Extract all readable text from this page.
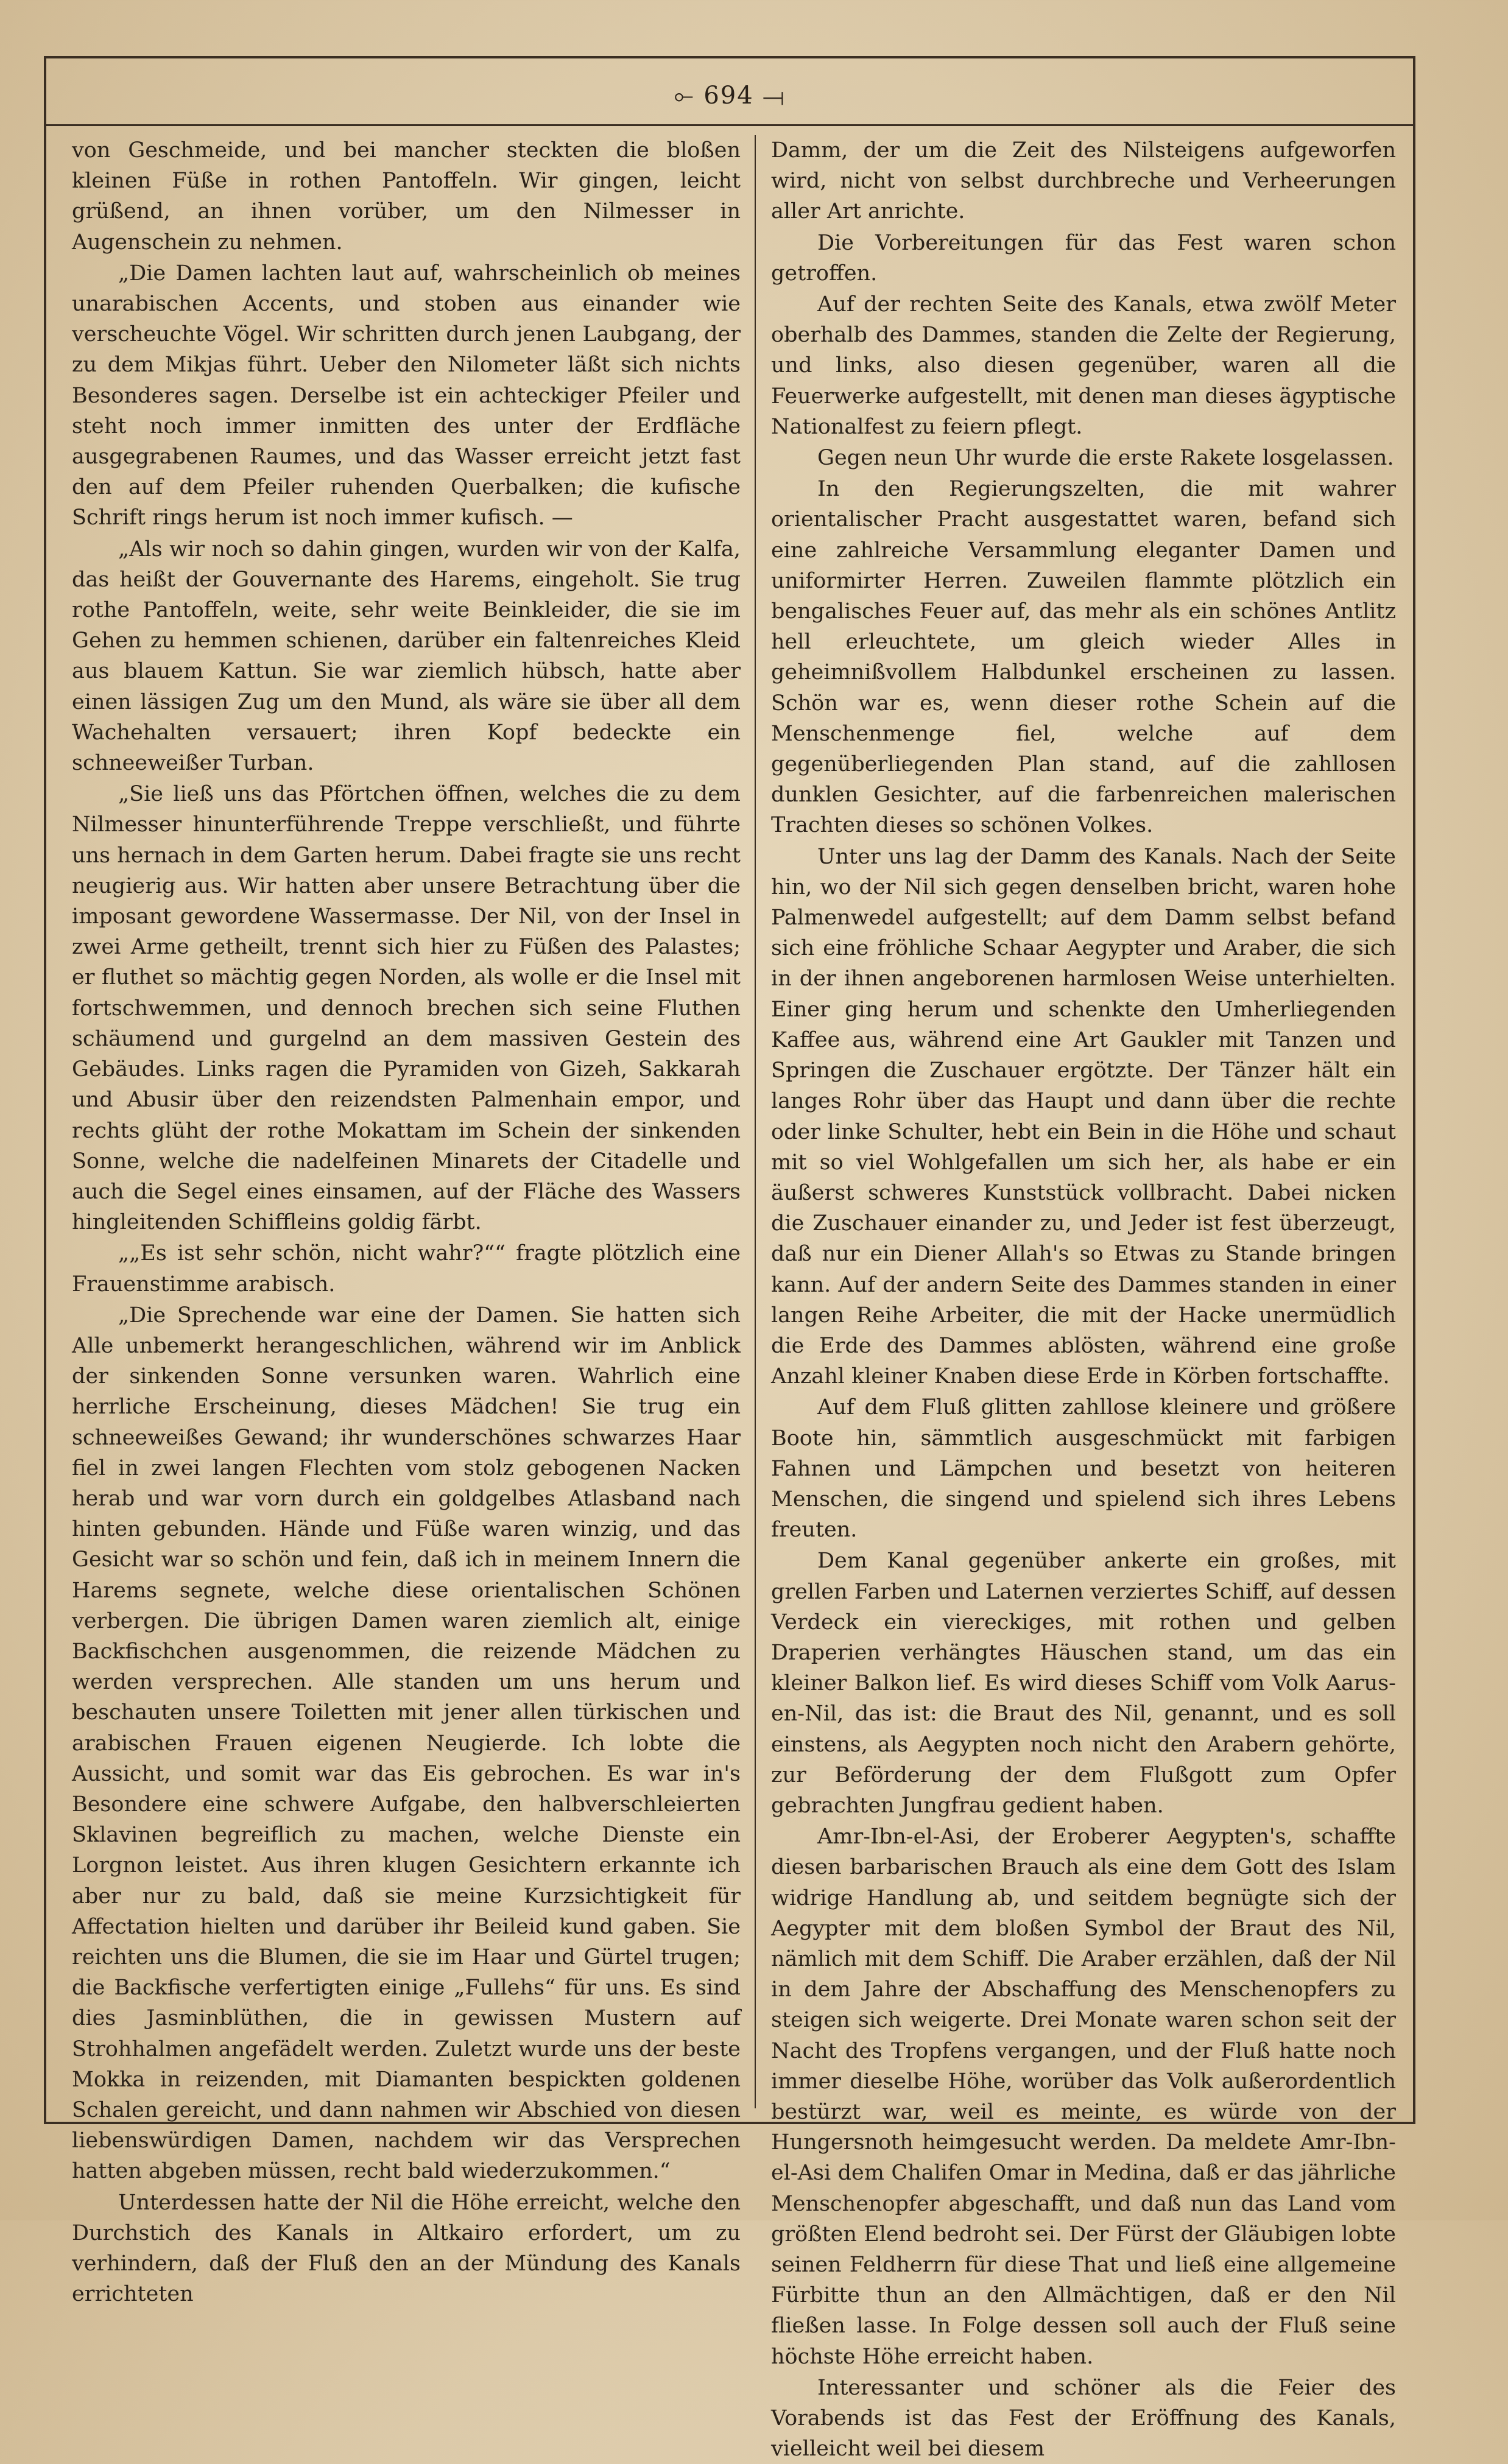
⟜ 694 ⟞

von Geschmeide, und bei mancher steckten die bloßen kleinen Füße in rothen Pantoffeln. Wir gingen, leicht grüßend, an ihnen vorüber, um den Nilmesser in Augenschein zu nehmen.

„Die Damen lachten laut auf, wahrscheinlich ob meines unarabischen Accents, und stoben aus einander wie verscheuchte Vögel. Wir schritten durch jenen Laubgang, der zu dem Mikjas führt. Ueber den Nilometer läßt sich nichts Besonderes sagen. Derselbe ist ein achteckiger Pfeiler und steht noch immer inmitten des unter der Erdfläche ausgegrabenen Raumes, und das Wasser erreicht jetzt fast den auf dem Pfeiler ruhenden Querbalken; die kufische Schrift rings herum ist noch immer kufisch. —

„Als wir noch so dahin gingen, wurden wir von der Kalfa, das heißt der Gouvernante des Harems, eingeholt. Sie trug rothe Pantoffeln, weite, sehr weite Beinkleider, die sie im Gehen zu hemmen schienen, darüber ein faltenreiches Kleid aus blauem Kattun. Sie war ziemlich hübsch, hatte aber einen lässigen Zug um den Mund, als wäre sie über all dem Wachehalten versauert; ihren Kopf bedeckte ein schneeweißer Turban.

„Sie ließ uns das Pförtchen öffnen, welches die zu dem Nilmesser hinunterführende Treppe verschließt, und führte uns hernach in dem Garten herum. Dabei fragte sie uns recht neugierig aus. Wir hatten aber unsere Betrachtung über die imposant gewordene Wassermasse. Der Nil, von der Insel in zwei Arme getheilt, trennt sich hier zu Füßen des Palastes; er fluthet so mächtig gegen Norden, als wolle er die Insel mit fortschwemmen, und dennoch brechen sich seine Fluthen schäumend und gurgelnd an dem massiven Gestein des Gebäudes. Links ragen die Pyramiden von Gizeh, Sakkarah und Abusir über den reizendsten Palmenhain empor, und rechts glüht der rothe Mokattam im Schein der sinkenden Sonne, welche die nadelfeinen Minarets der Citadelle und auch die Segel eines einsamen, auf der Fläche des Wassers hingleitenden Schiffleins goldig färbt.

„„Es ist sehr schön, nicht wahr?““ fragte plötzlich eine Frauenstimme arabisch.

„Die Sprechende war eine der Damen. Sie hatten sich Alle unbemerkt herangeschlichen, während wir im Anblick der sinkenden Sonne versunken waren. Wahrlich eine herrliche Erscheinung, dieses Mädchen! Sie trug ein schneeweißes Gewand; ihr wunderschönes schwarzes Haar fiel in zwei langen Flechten vom stolz gebogenen Nacken herab und war vorn durch ein goldgelbes Atlasband nach hinten gebunden. Hände und Füße waren winzig, und das Gesicht war so schön und fein, daß ich in meinem Innern die Harems segnete, welche diese orientalischen Schönen verbergen. Die übrigen Damen waren ziemlich alt, einige Backfischchen ausgenommen, die reizende Mädchen zu werden versprechen. Alle standen um uns herum und beschauten unsere Toiletten mit jener allen türkischen und arabischen Frauen eigenen Neugierde. Ich lobte die Aussicht, und somit war das Eis gebrochen. Es war in's Besondere eine schwere Aufgabe, den halbverschleierten Sklavinen begreiflich zu machen, welche Dienste ein Lorgnon leistet. Aus ihren klugen Gesichtern erkannte ich aber nur zu bald, daß sie meine Kurzsichtigkeit für Affectation hielten und darüber ihr Beileid kund gaben. Sie reichten uns die Blumen, die sie im Haar und Gürtel trugen; die Backfische verfertigten einige „Fullehs“ für uns. Es sind dies Jasminblüthen, die in gewissen Mustern auf Strohhalmen angefädelt werden. Zuletzt wurde uns der beste Mokka in reizenden, mit Diamanten bespickten goldenen Schalen gereicht, und dann nahmen wir Abschied von diesen liebenswürdigen Damen, nachdem wir das Versprechen hatten abgeben müssen, recht bald wiederzukommen.“

Unterdessen hatte der Nil die Höhe erreicht, welche den Durchstich des Kanals in Altkairo erfordert, um zu verhindern, daß der Fluß den an der Mündung des Kanals errichteten

Damm, der um die Zeit des Nilsteigens aufgeworfen wird, nicht von selbst durchbreche und Verheerungen aller Art anrichte.

Die Vorbereitungen für das Fest waren schon getroffen.

Auf der rechten Seite des Kanals, etwa zwölf Meter oberhalb des Dammes, standen die Zelte der Regierung, und links, also diesen gegenüber, waren all die Feuerwerke aufgestellt, mit denen man dieses ägyptische Nationalfest zu feiern pflegt.

Gegen neun Uhr wurde die erste Rakete losgelassen.

In den Regierungszelten, die mit wahrer orientalischer Pracht ausgestattet waren, befand sich eine zahlreiche Versammlung eleganter Damen und uniformirter Herren. Zuweilen flammte plötzlich ein bengalisches Feuer auf, das mehr als ein schönes Antlitz hell erleuchtete, um gleich wieder Alles in geheimnißvollem Halbdunkel erscheinen zu lassen. Schön war es, wenn dieser rothe Schein auf die Menschenmenge fiel, welche auf dem gegenüberliegenden Plan stand, auf die zahllosen dunklen Gesichter, auf die farbenreichen malerischen Trachten dieses so schönen Volkes.

Unter uns lag der Damm des Kanals. Nach der Seite hin, wo der Nil sich gegen denselben bricht, waren hohe Palmenwedel aufgestellt; auf dem Damm selbst befand sich eine fröhliche Schaar Aegypter und Araber, die sich in der ihnen angeborenen harmlosen Weise unterhielten. Einer ging herum und schenkte den Umherliegenden Kaffee aus, während eine Art Gaukler mit Tanzen und Springen die Zuschauer ergötzte. Der Tänzer hält ein langes Rohr über das Haupt und dann über die rechte oder linke Schulter, hebt ein Bein in die Höhe und schaut mit so viel Wohlgefallen um sich her, als habe er ein äußerst schweres Kunststück vollbracht. Dabei nicken die Zuschauer einander zu, und Jeder ist fest überzeugt, daß nur ein Diener Allah's so Etwas zu Stande bringen kann. Auf der andern Seite des Dammes standen in einer langen Reihe Arbeiter, die mit der Hacke unermüdlich die Erde des Dammes ablösten, während eine große Anzahl kleiner Knaben diese Erde in Körben fortschaffte.

Auf dem Fluß glitten zahllose kleinere und größere Boote hin, sämmtlich ausgeschmückt mit farbigen Fahnen und Lämpchen und besetzt von heiteren Menschen, die singend und spielend sich ihres Lebens freuten.

Dem Kanal gegenüber ankerte ein großes, mit grellen Farben und Laternen verziertes Schiff, auf dessen Verdeck ein viereckiges, mit rothen und gelben Draperien verhängtes Häuschen stand, um das ein kleiner Balkon lief. Es wird dieses Schiff vom Volk Aarus-en-Nil, das ist: die Braut des Nil, genannt, und es soll einstens, als Aegypten noch nicht den Arabern gehörte, zur Beförderung der dem Flußgott zum Opfer gebrachten Jungfrau gedient haben.

Amr-Ibn-el-Asi, der Eroberer Aegypten's, schaffte diesen barbarischen Brauch als eine dem Gott des Islam widrige Handlung ab, und seitdem begnügte sich der Aegypter mit dem bloßen Symbol der Braut des Nil, nämlich mit dem Schiff. Die Araber erzählen, daß der Nil in dem Jahre der Abschaffung des Menschenopfers zu steigen sich weigerte. Drei Monate waren schon seit der Nacht des Tropfens vergangen, und der Fluß hatte noch immer dieselbe Höhe, worüber das Volk außerordentlich bestürzt war, weil es meinte, es würde von der Hungersnoth heimgesucht werden. Da meldete Amr-Ibn-el-Asi dem Chalifen Omar in Medina, daß er das jährliche Menschenopfer abgeschafft, und daß nun das Land vom größten Elend bedroht sei. Der Fürst der Gläubigen lobte seinen Feldherrn für diese That und ließ eine allgemeine Fürbitte thun an den Allmächtigen, daß er den Nil fließen lasse. In Folge dessen soll auch der Fluß seine höchste Höhe erreicht haben.

Interessanter und schöner als die Feier des Vorabends ist das Fest der Eröffnung des Kanals, vielleicht weil bei diesem
